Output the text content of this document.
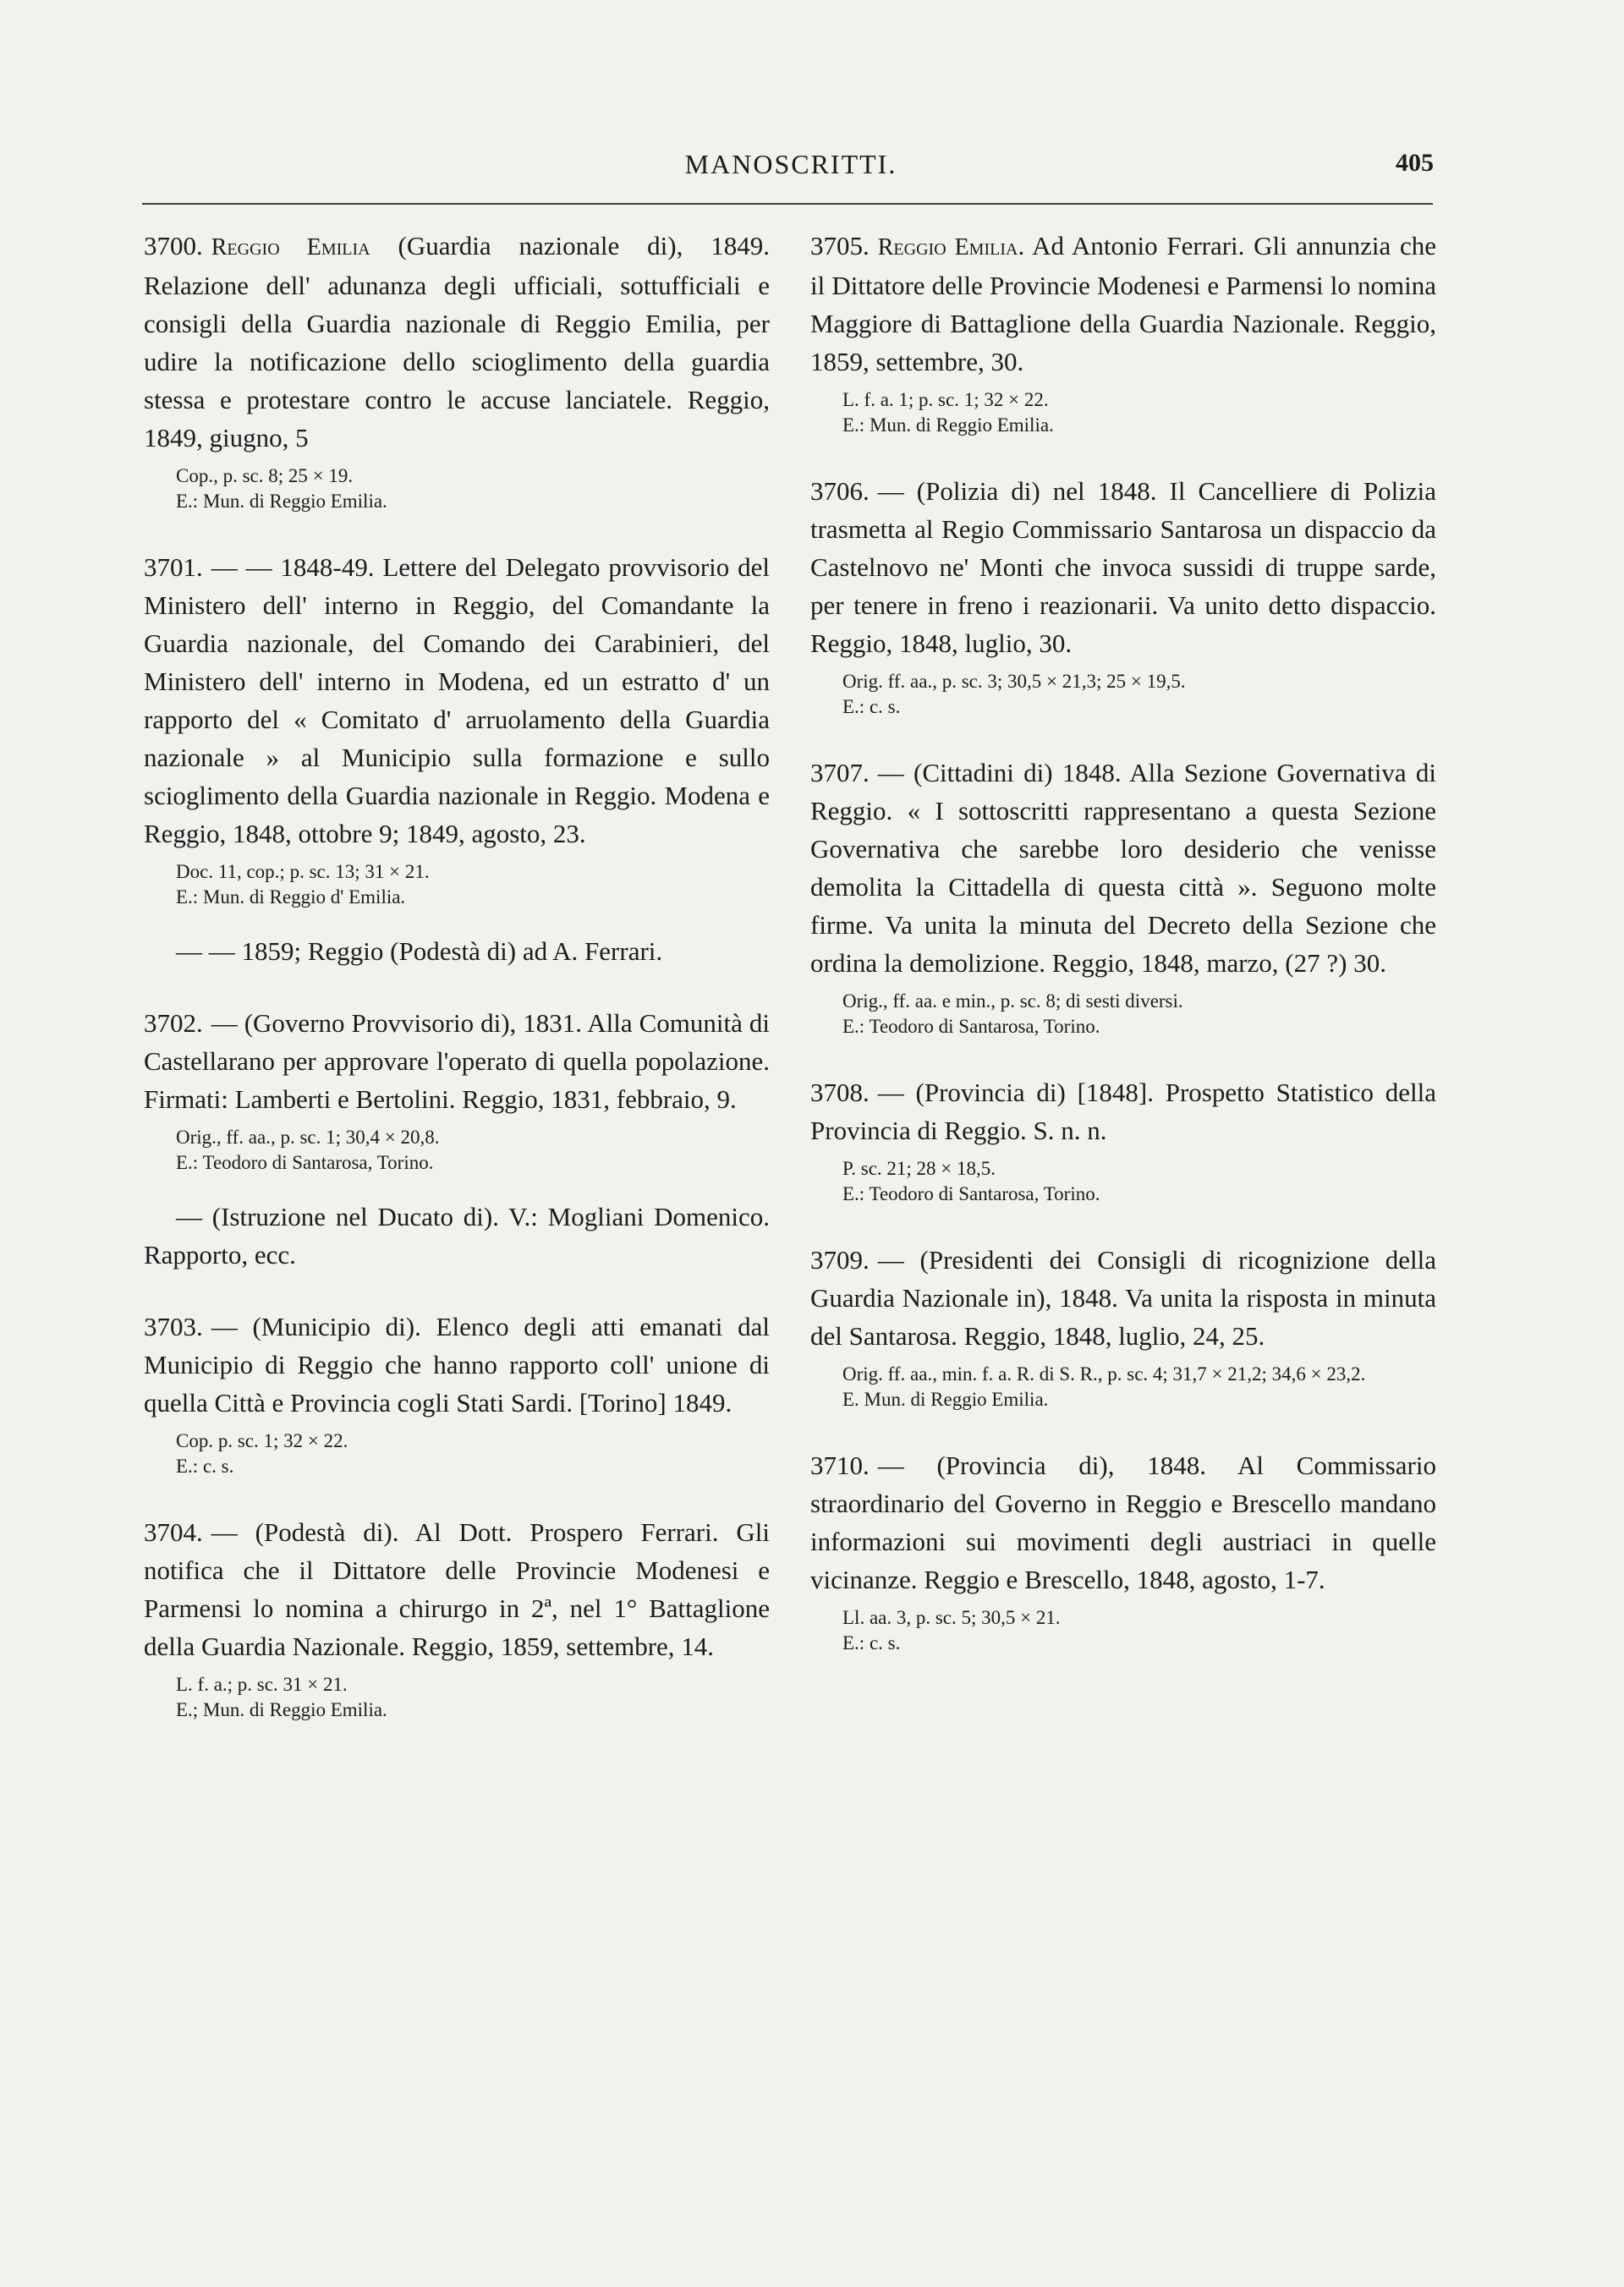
MANOSCRITTI.	405

3700. Reggio Emilia (Guardia nazionale di), 1849. Relazione dell' adunanza degli ufficiali, sottufficiali e consigli della Guardia nazionale di Reggio Emilia, per udire la notificazione dello scioglimento della guardia stessa e protestare contro le accuse lanciatele. Reggio, 1849, giugno, 5

Cop., p. sc. 8; 25 × 19.
E.: Mun. di Reggio Emilia.

3701. — — 1848-49. Lettere del Delegato provvisorio del Ministero dell' interno in Reggio, del Comandante la Guardia nazionale, del Comando dei Carabinieri, del Ministero dell' interno in Modena, ed un estratto d' un rapporto del « Comitato d' arruolamento della Guardia nazionale » al Municipio sulla formazione e sullo scioglimento della Guardia nazionale in Reggio. Modena e Reggio, 1848, ottobre 9; 1849, agosto, 23.

Doc. 11, cop.; p. sc. 13; 31 × 21.
E.: Mun. di Reggio d' Emilia.

— — 1859; Reggio (Podestà di) ad A. Ferrari.

3702. — (Governo Provvisorio di), 1831. Alla Comunità di Castellarano per approvare l'operato di quella popolazione. Firmati: Lamberti e Bertolini. Reggio, 1831, febbraio, 9.

Orig., ff. aa., p. sc. 1; 30,4 × 20,8.
E.: Teodoro di Santarosa, Torino.

— (Istruzione nel Ducato di). V.: Mogliani Domenico. Rapporto, ecc.

3703. — (Municipio di). Elenco degli atti emanati dal Municipio di Reggio che hanno rapporto coll' unione di quella Città e Provincia cogli Stati Sardi. [Torino] 1849.

Cop. p. sc. 1; 32 × 22.
E.: c. s.

3704. — (Podestà di). Al Dott. Prospero Ferrari. Gli notifica che il Dittatore delle Provincie Modenesi e Parmensi lo nomina a chirurgo in 2ª, nel 1° Battaglione della Guardia Nazionale. Reggio, 1859, settembre, 14.

L. f. a.; p. sc. 31 × 21.
E.; Mun. di Reggio Emilia.

3705. Reggio Emilia. Ad Antonio Ferrari. Gli annunzia che il Dittatore delle Provincie Modenesi e Parmensi lo nomina Maggiore di Battaglione della Guardia Nazionale. Reggio, 1859, settembre, 30.

L. f. a. 1; p. sc. 1; 32 × 22.
E.: Mun. di Reggio Emilia.

3706. — (Polizia di) nel 1848. Il Cancelliere di Polizia trasmetta al Regio Commissario Santarosa un dispaccio da Castelnovo ne' Monti che invoca sussidi di truppe sarde, per tenere in freno i reazionarii. Va unito detto dispaccio. Reggio, 1848, luglio, 30.

Orig. ff. aa., p. sc. 3; 30,5 × 21,3; 25 × 19,5.
E.: c. s.

3707. — (Cittadini di) 1848. Alla Sezione Governativa di Reggio. « I sottoscritti rappresentano a questa Sezione Governativa che sarebbe loro desiderio che venisse demolita la Cittadella di questa città ». Seguono molte firme. Va unita la minuta del Decreto della Sezione che ordina la demolizione. Reggio, 1848, marzo, (27 ?) 30.

Orig., ff. aa. e min., p. sc. 8; di sesti diversi.
E.: Teodoro di Santarosa, Torino.

3708. — (Provincia di) [1848]. Prospetto Statistico della Provincia di Reggio. S. n. n.

P. sc. 21; 28 × 18,5.
E.: Teodoro di Santarosa, Torino.

3709. — (Presidenti dei Consigli di ricognizione della Guardia Nazionale in), 1848. Va unita la risposta in minuta del Santarosa. Reggio, 1848, luglio, 24, 25.

Orig. ff. aa., min. f. a. R. di S. R., p. sc. 4; 31,7 × 21,2; 34,6 × 23,2.
E. Mun. di Reggio Emilia.

3710. — (Provincia di), 1848. Al Commissario straordinario del Governo in Reggio e Brescello mandano informazioni sui movimenti degli austriaci in quelle vicinanze. Reggio e Brescello, 1848, agosto, 1-7.

Ll. aa. 3, p. sc. 5; 30,5 × 21.
E.: c. s.
